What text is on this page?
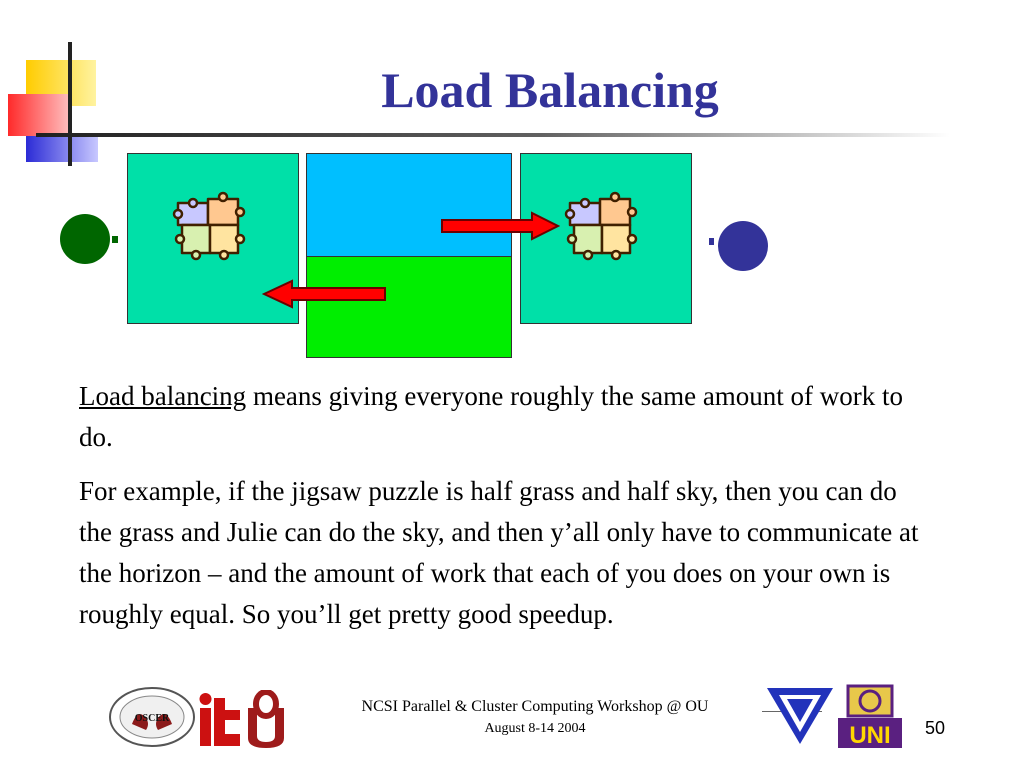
Load Balancing

Load balancing means giving everyone roughly the same amount of work to do.

For example, if the jigsaw puzzle is half grass and half sky, then you can do the grass and Julie can do the sky, and then y’all only have to communicate at the horizon – and the amount of work that each of you does on your own is roughly equal. So you’ll get pretty good speedup.

OSCER
NCSI Parallel & Cluster Computing Workshop @ OU
August 8-14 2004	UNI	50
